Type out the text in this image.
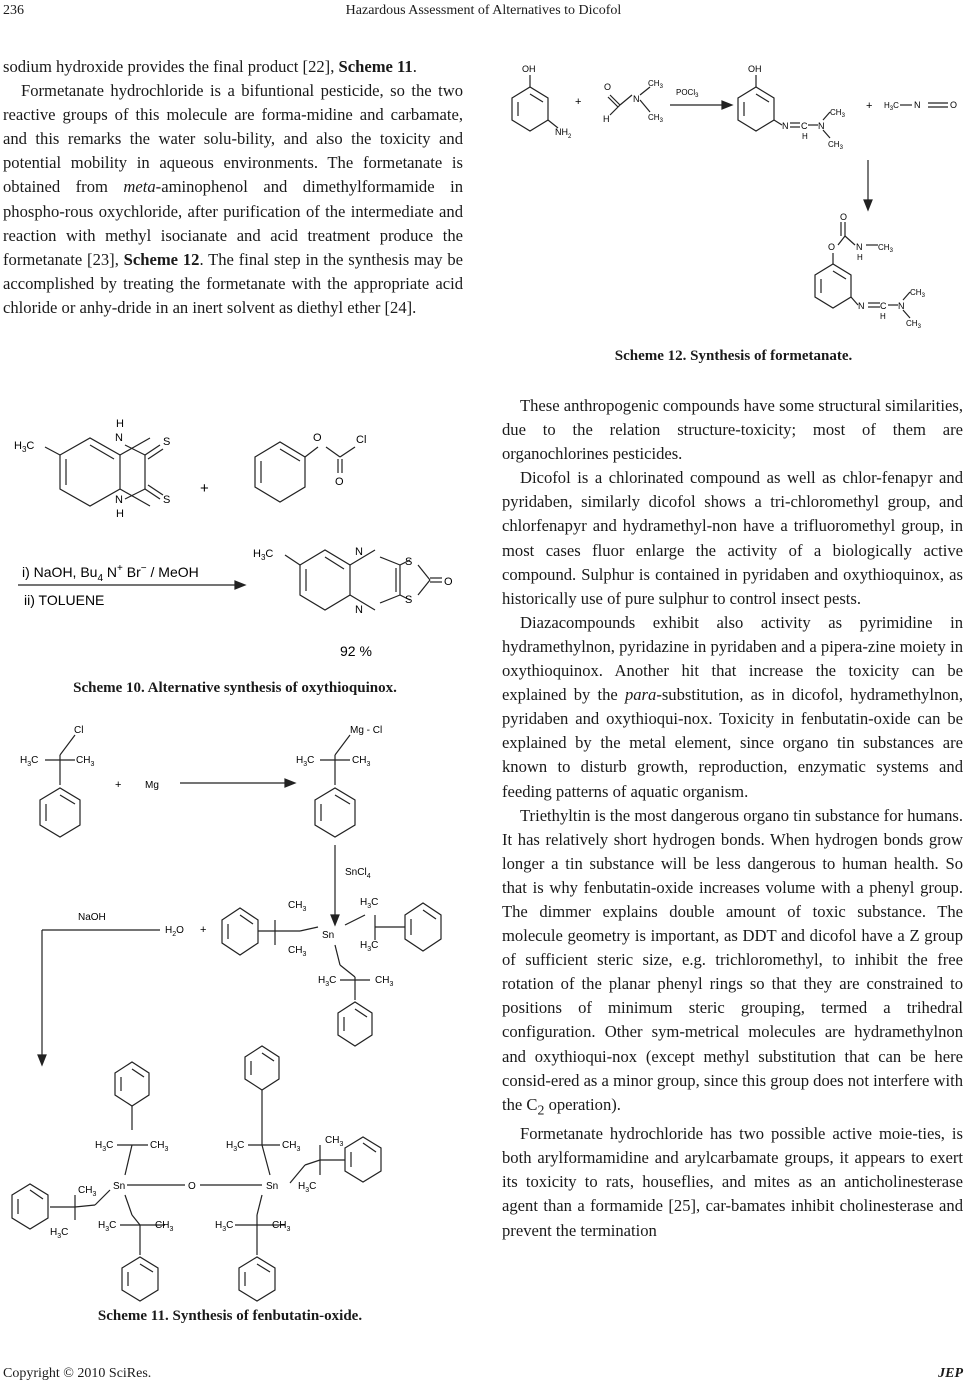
236	Hazardous Assessment of Alternatives to Dicofol

sodium hydroxide provides the final product [22], Scheme 11.

Formetanate hydrochloride is a bifuntional pesticide, so the two reactive groups of this molecule are forma-midine and carbamate, and this remarks the water solu-bility, and also the toxicity and potential mobility in aqueous environments. The formetanate is obtained from meta-aminophenol and dimethylformamide in phospho-rous oxychloride, after purification of the intermediate and reaction with methyl isocianate and acid treatment produce the formetanate [23], Scheme 12. The final step in the synthesis may be accomplished by treating the formetanate with the appropriate acid chloride or anhy-dride in an inert solvent as diethyl ether [24].

$H_3C$
H
N
N
H
S
S
+
O	Cl
O
i) NaOH, $Bu_4$ N+ Br− / MeOH
ii) TOLUENE
$H_3C$	N
N
S
S
O
92 %
Scheme 10. Alternative synthesis of oxythioquinox.
Cl
$H_3C$	$CH_3$
+ Mg
Mg - Cl
$H_3C$	$CH_3$
SnCl$_4$
NaOH
$H_2O$ +
$CH_3$
$CH_3$
Sn
$H_3C$
$H_3C$
$H_3C$	$CH_3$
$H_3C$	$CH_3$	$H_3C$	$CH_3$
$CH_3$
Sn	O	Sn $H_3C$
$CH_3$
$H_3C$
$H_3C$	$CH_3$	$H_3C$	$CH_3$
Scheme 11. Synthesis of fenbutatin-oxide.
OH
$NH_2$
+
O
H
N
$CH_3$
$CH_3$
POCl$_3$
OH
N C
H
N
$CH_3$
$CH_3$
+ $H_3C$ N	O
O
O N
H
$CH_3$
N C
H
N
$CH_3$
$CH_3$
Scheme 12. Synthesis of formetanate.

These anthropogenic compounds have some structural similarities, due to the relation structure-toxicity; most of them are organochlorines pesticides.

Dicofol is a chlorinated compound as well as chlor-fenapyr and pyridaben, similarly dicofol shows a tri-chloromethyl group, and chlorfenapyr and hydramethyl-non have a trifluoromethyl group, in most cases fluor enlarge the activity of a biologically active compound. Sulphur is contained in pyridaben and oxythioquinox, as historically use of pure sulphur to control insect pests.

Diazacompounds exhibit also activity as pyrimidine in hydramethylnon, pyridazine in pyridaben and a pipera-zine moiety in oxythioquinox. Another hit that increase the toxicity can be explained by the para-substitution, as in dicofol, hydramethylnon, pyridaben and oxythioqui-nox. Toxicity in fenbutatin-oxide can be explained by the metal element, since organo tin substances are known to disturb growth, reproduction, enzymatic systems and feeding patterns of aquatic organism.

Triethyltin is the most dangerous organo tin substance for humans. It has relatively short hydrogen bonds. When hydrogen bonds grow longer a tin substance will be less dangerous to human health. So that is why fenbutatin-oxide increases volume with a phenyl group. The dimmer explains double amount of toxic substance. The molecule geometry is important, as DDT and dicofol have a Z group of sufficient steric size, e.g. trichloromethyl, to inhibit the free rotation of the planar phenyl rings so that they are constrained to positions of minimum steric grouping, termed a trihedral configuration. Other sym-metrical molecules are hydramethylnon and oxythioqui-nox (except methyl substitution that can be here consid-ered as a minor group, since this group does not interfere with the $C_2$ operation).

Formetanate hydrochloride has two possible active moie-ties, is both arylformamidine and arylcarbamate groups, it appears to exert its toxicity to rats, houseflies, and mites as an anticholinesterase agent than a formamide [25], car-bamates inhibit cholinesterase and prevent the termination

Copyright © 2010 SciRes.	JEP
